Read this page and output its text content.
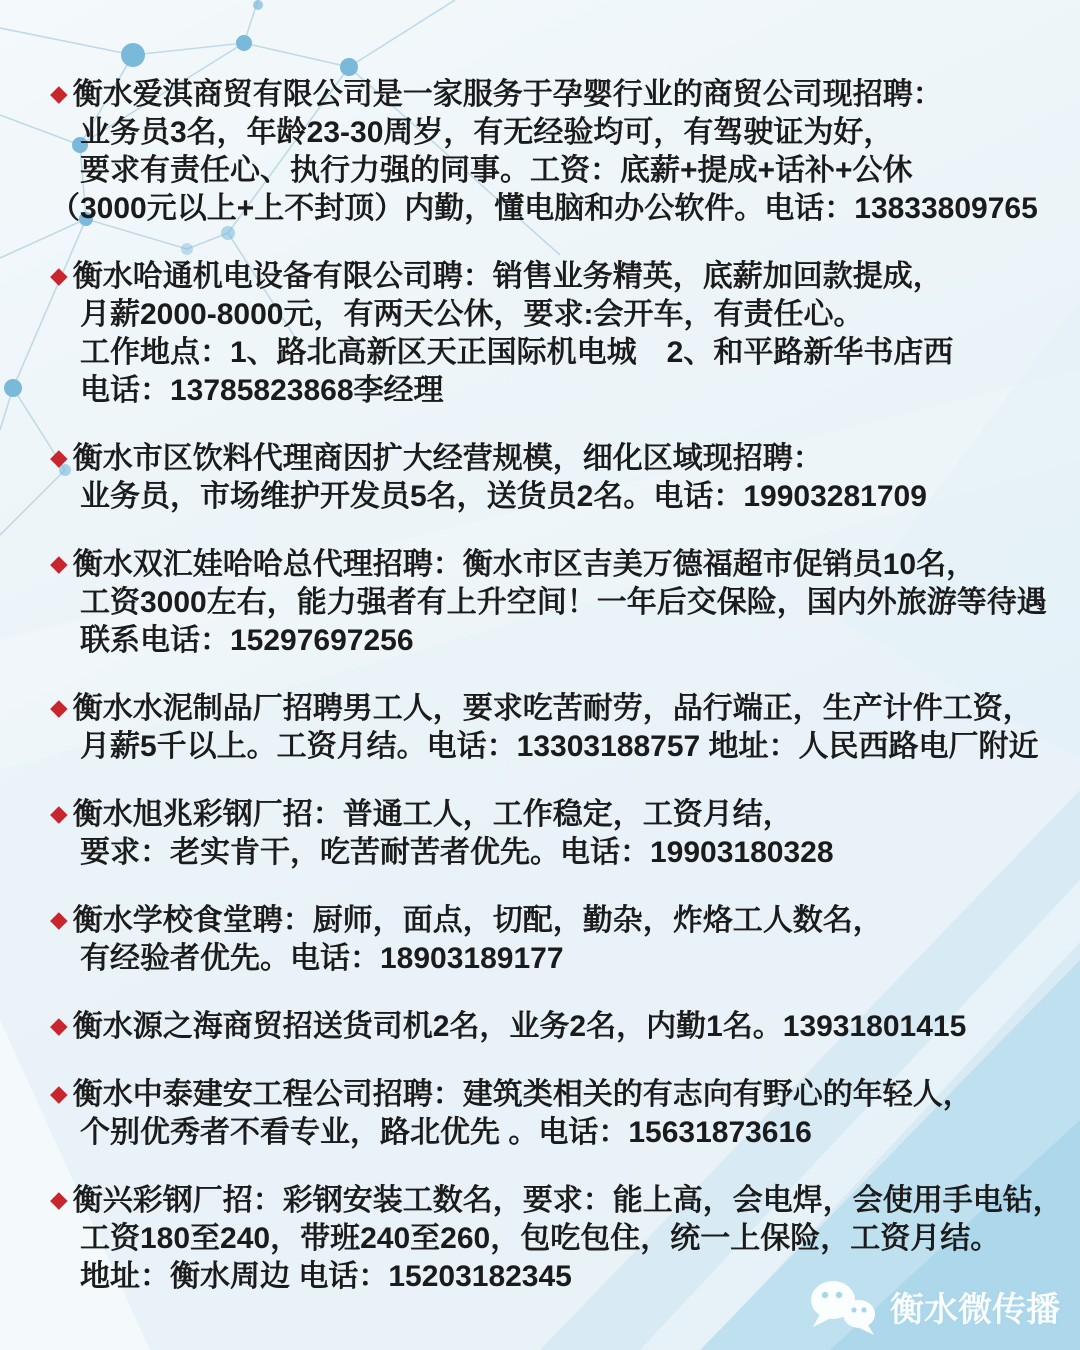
◆ 衡水爱淇商贸有限公司是一家服务于孕婴行业的商贸公司现招聘：
业务员3名，年龄23-30周岁，有无经验均可，有驾驶证为好，
要求有责任心、执行力强的同事。工资：底薪+提成+话补+公休
（3000元以上+上不封顶）内勤，懂电脑和办公软件。电话：13833809765
◆ 衡水哈通机电设备有限公司聘：销售业务精英，底薪加回款提成，
月薪2000-8000元，有两天公休，要求:会开车，有责任心。
工作地点：1、路北高新区天正国际机电城　2、和平路新华书店西
电话：13785823868李经理
◆ 衡水市区饮料代理商因扩大经营规模，细化区域现招聘：
业务员，市场维护开发员5名，送货员2名。电话：19903281709
◆ 衡水双汇娃哈哈总代理招聘：衡水市区吉美万德福超市促销员10名，
工资3000左右，能力强者有上升空间！一年后交保险，国内外旅游等待遇
联系电话：15297697256
◆ 衡水水泥制品厂招聘男工人，要求吃苦耐劳，品行端正，生产计件工资，
月薪5千以上。工资月结。电话：13303188757 地址：人民西路电厂附近
◆ 衡水旭兆彩钢厂招：普通工人，工作稳定，工资月结，
要求：老实肯干，吃苦耐苦者优先。电话：19903180328
◆ 衡水学校食堂聘：厨师，面点，切配，勤杂，炸烙工人数名，
有经验者优先。电话：18903189177
◆ 衡水源之海商贸招送货司机2名，业务2名，内勤1名。13931801415
◆ 衡水中泰建安工程公司招聘：建筑类相关的有志向有野心的年轻人，
个别优秀者不看专业，路北优先 。电话：15631873616
◆ 衡兴彩钢厂招：彩钢安装工数名，要求：能上高，会电焊，会使用手电钻，
工资180至240，带班240至260，包吃包住，统一上保险，工资月结。
地址：衡水周边 电话：15203182345
衡水微传播
